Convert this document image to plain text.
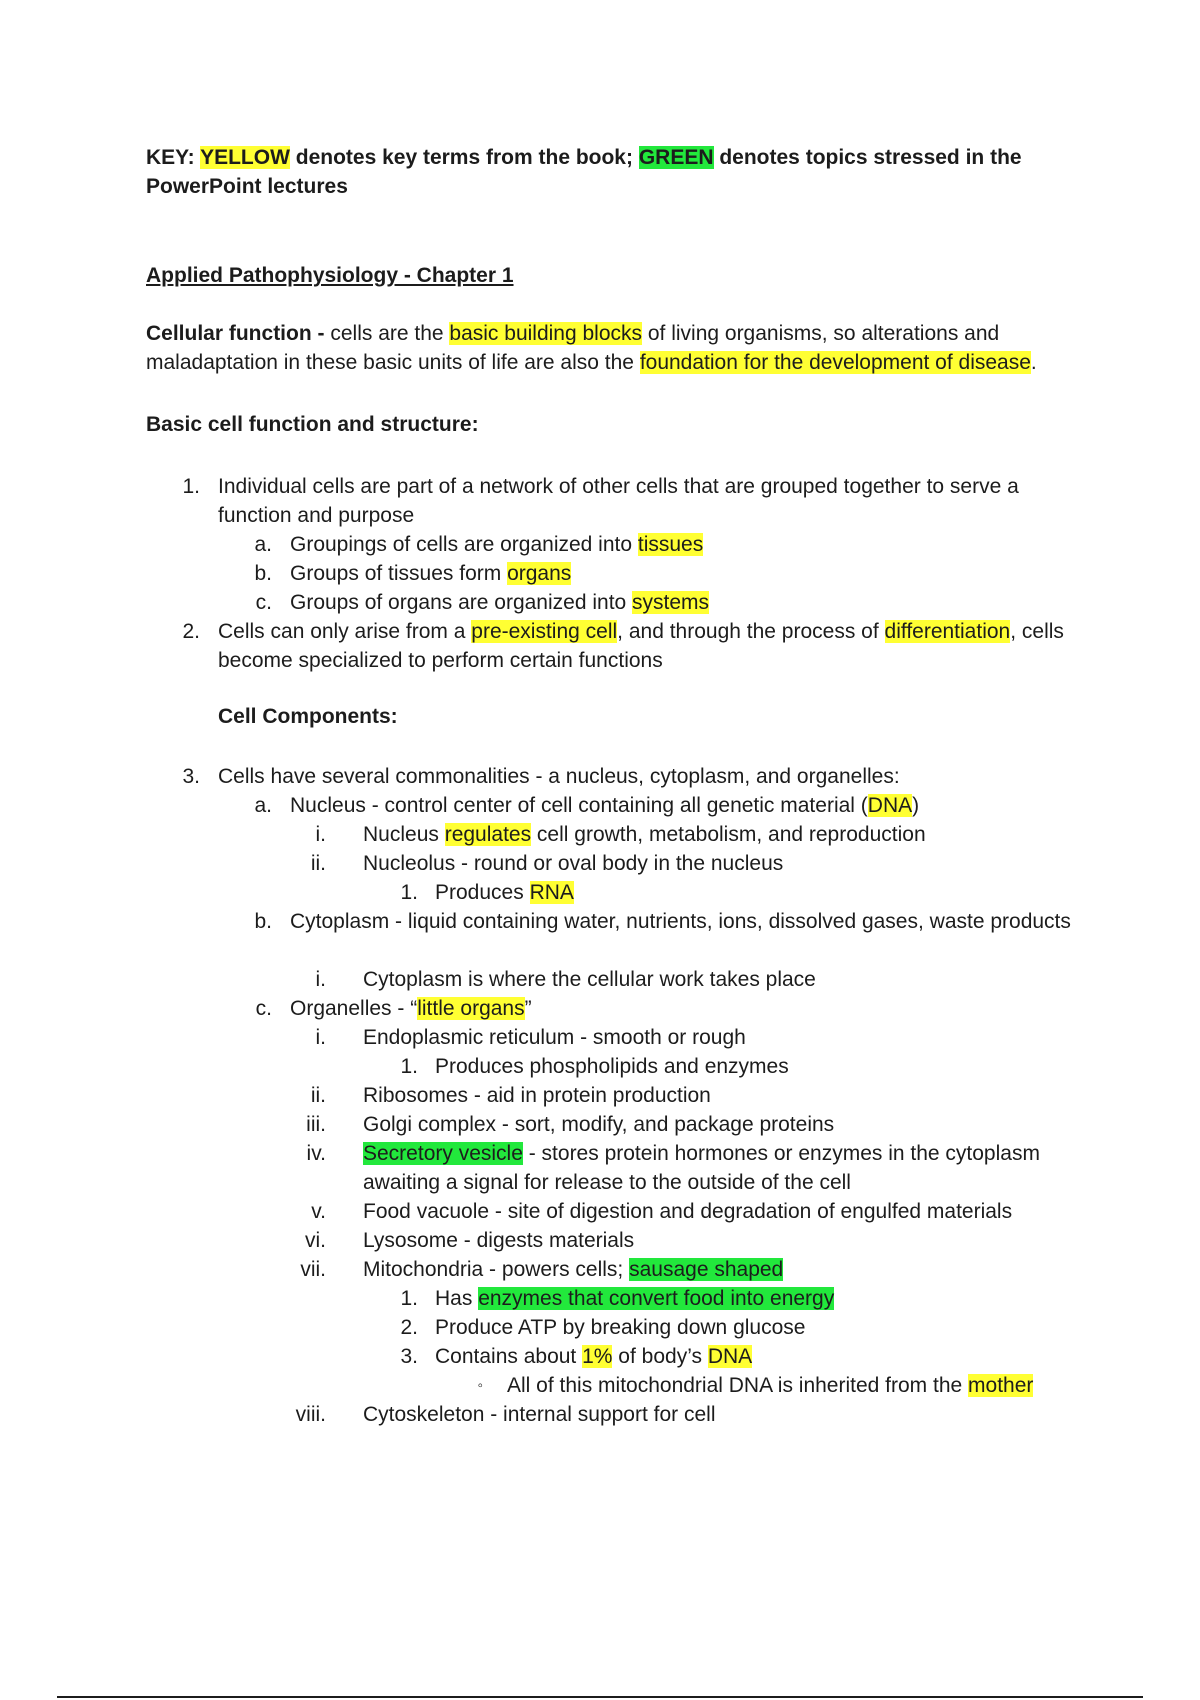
KEY: YELLOW denotes key terms from the book; GREEN denotes topics stressed in the PowerPoint lectures
Applied Pathophysiology - Chapter 1
Cellular function - cells are the basic building blocks of living organisms, so alterations and maladaptation in these basic units of life are also the foundation for the development of disease.
Basic cell function and structure:
Cell Components:
1. Individual cells are part of a network of other cells that are grouped together to serve a function and purpose
a. Groupings of cells are organized into tissues
b. Groups of tissues form organs
c. Groups of organs are organized into systems
2. Cells can only arise from a pre-existing cell, and through the process of differentiation, cells become specialized to perform certain functions
3. Cells have several commonalities - a nucleus, cytoplasm, and organelles:
a. Nucleus - control center of cell containing all genetic material (DNA)
i. Nucleus regulates cell growth, metabolism, and reproduction
ii. Nucleolus - round or oval body in the nucleus
1. Produces RNA
b. Cytoplasm - liquid containing water, nutrients, ions, dissolved gases, waste products
i. Cytoplasm is where the cellular work takes place
c. Organelles - “little organs”
i. Endoplasmic reticulum - smooth or rough
1. Produces phospholipids and enzymes
ii. Ribosomes - aid in protein production
iii. Golgi complex - sort, modify, and package proteins
iv. Secretory vesicle - stores protein hormones or enzymes in the cytoplasm awaiting a signal for release to the outside of the cell
v. Food vacuole - site of digestion and degradation of engulfed materials
vi. Lysosome - digests materials
vii. Mitochondria - powers cells; sausage shaped
1. Has enzymes that convert food into energy
2. Produce ATP by breaking down glucose
3. Contains about 1% of body’s DNA
◦ All of this mitochondrial DNA is inherited from the mother
viii. Cytoskeleton - internal support for cell
